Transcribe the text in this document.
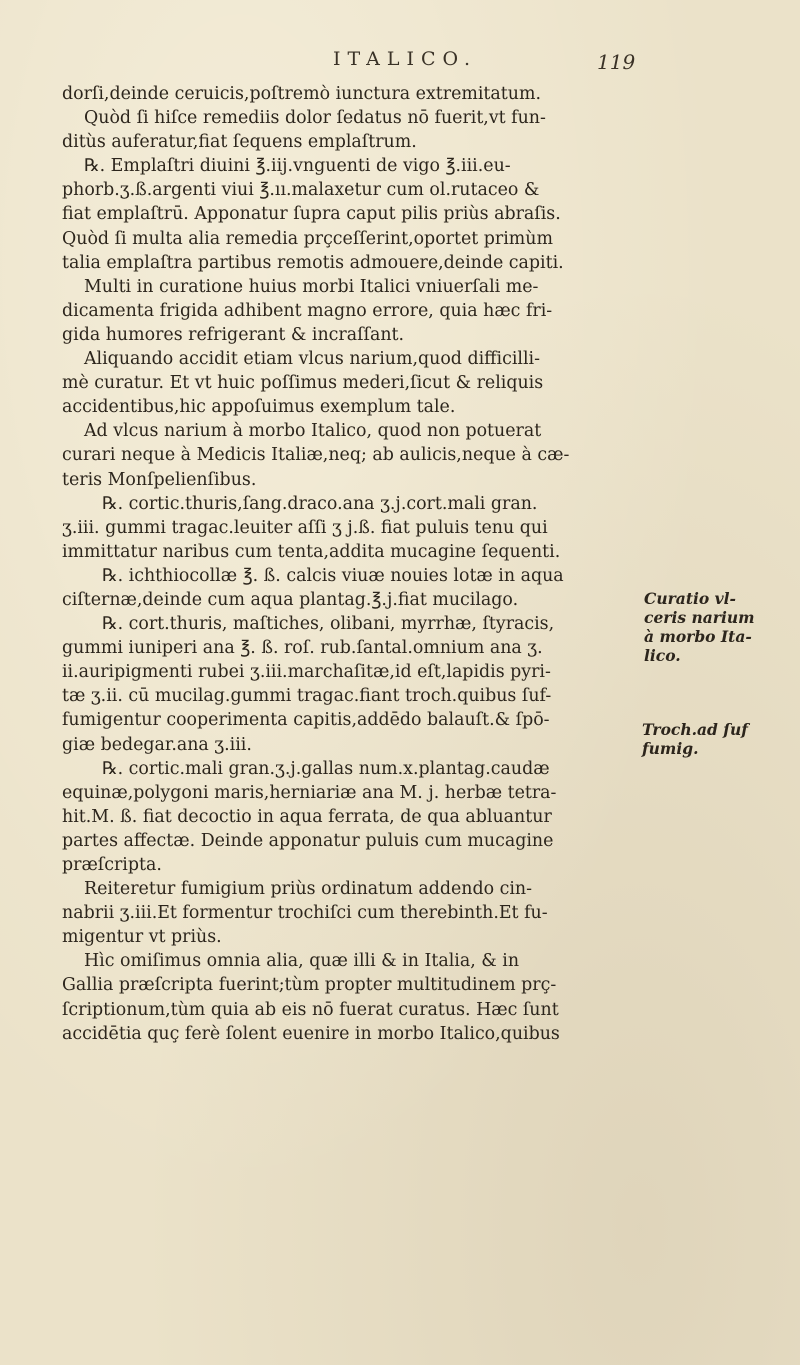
ITALICO.	119
dorſi,deinde ceruicis,poſtremò iunctura extremitatum.
Quòd ſi hiſce remediis dolor ſedatus nō fuerit,vt fun-
ditùs auferatur,fiat ſequens emplaſtrum.
℞. Emplaſtri diuini ℥.iij.vnguenti de vigo ℥.iii.eu-
phorb.ʒ.ß.argenti viui ℥.ıı.malaxetur cum ol.rutaceo &
fiat emplaſtrū. Apponatur ſupra caput pilis priùs abraſis.
Quòd ſi multa alia remedia prçceſſerint,oportet primùm
talia emplaſtra partibus remotis admouere,deinde capiti.
Multi in curatione huius morbi Italici vniuerſali me-
dicamenta frigida adhibent magno errore, quia hæc fri-
gida humores refrigerant & incraſſant.
Aliquando accidit etiam vlcus narium,quod difficilli-
mè curatur. Et vt huic poſſimus mederi,ſicut & reliquis
accidentibus,hic appoſuimus exemplum tale.
Ad vlcus narium à morbo Italico, quod non potuerat
curari neque à Medicis Italiæ,neq; ab aulicis,neque à cæ-
teris Monſpelienſibus.
℞. cortic.thuris,ſang.draco.ana ʒ.j.cort.mali gran.
ʒ.iii. gummi tragac.leuiter aſſi ʒ j.ß. fiat puluis tenu qui
immittatur naribus cum tenta,addita mucagine ſequenti.
℞. ichthiocollæ ℥. ß. calcis viuæ nouies lotæ in aqua
ciſternæ,deinde cum aqua plantag.℥.j.fiat mucilago.
℞. cort.thuris, maſtiches, olibani, myrrhæ, ſtyracis,
gummi iuniperi ana ℥. ß. roſ. rub.ſantal.omnium ana ʒ.
ii.auripigmenti rubei ʒ.iii.marchaſitæ,id eſt,lapidis pyri-
tæ ʒ.ii. cū mucilag.gummi tragac.fiant troch.quibus ſuf-
fumigentur cooperimenta capitis,addēdo balauſt.& ſpō-
giæ bedegar.ana ʒ.iii.
℞. cortic.mali gran.ʒ.j.gallas num.x.plantag.caudæ
equinæ,polygoni maris,herniariæ ana M. j. herbæ tetra-
hit.M. ß. fiat decoctio in aqua ferrata, de qua abluantur
partes affectæ. Deinde apponatur puluis cum mucagine
præſcripta.
Reiteretur fumigium priùs ordinatum addendo cin-
nabrii ʒ.iii.Et formentur trochiſci cum therebinth.Et fu-
migentur vt priùs.
Hìc omiſimus omnia alia, quæ illi & in Italia, & in
Gallia præſcripta fuerint;tùm propter multitudinem prç-
ſcriptionum,tùm quia ab eis nō fuerat curatus. Hæc ſunt
accidētia quç ferè ſolent euenire in morbo Italico,quibus
Curatio vl-
ceris narium
à morbo Ita-
lico.
Troch.ad ſuf
fumig.
